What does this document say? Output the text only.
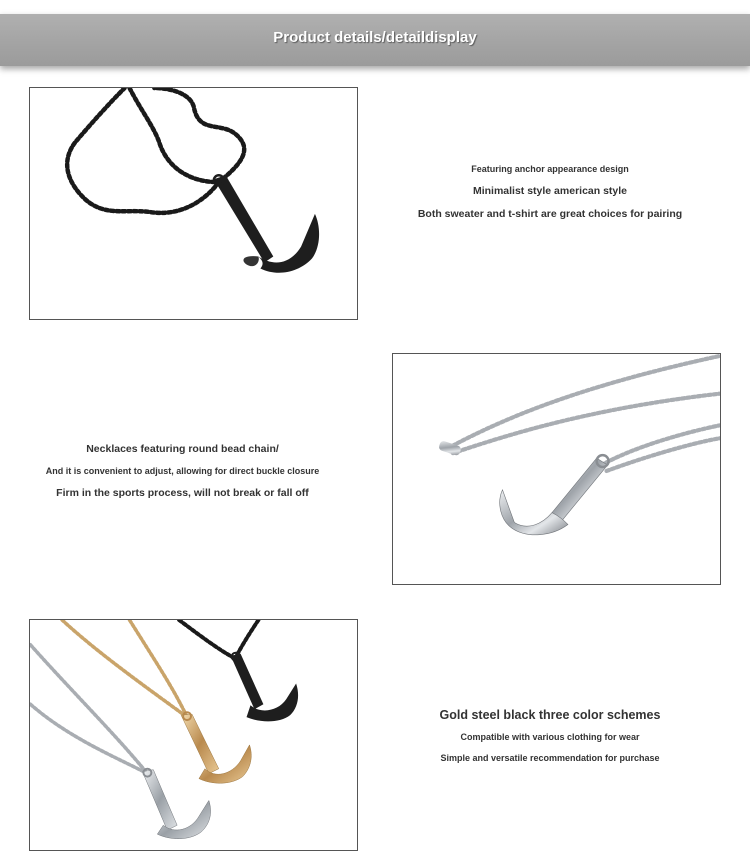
Product details/detaildisplay
Featuring anchor appearance design
Minimalist style american style
Both sweater and t-shirt are great choices for pairing
Necklaces featuring round bead chain/
And it is convenient to adjust, allowing for direct buckle closure
Firm in the sports process, will not break or fall off
Gold steel black three color schemes
Compatible with various clothing for wear
Simple and versatile recommendation for purchase
